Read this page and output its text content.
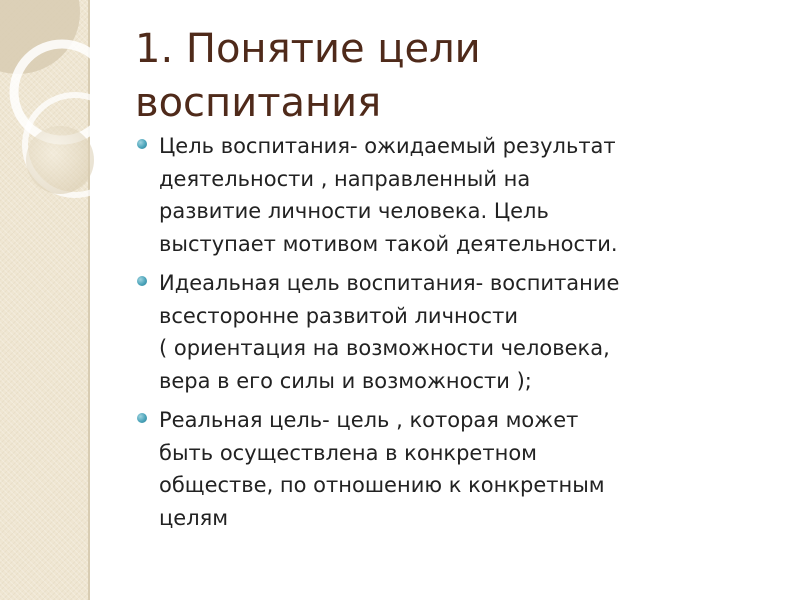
1. Понятие цели
воспитания
Цель воспитания- ожидаемый результат
деятельности , направленный на
развитие личности человека. Цель
выступает мотивом такой деятельности.
Идеальная цель воспитания- воспитание
всесторонне развитой личности
( ориентация на возможности человека,
вера в его силы и возможности );
Реальная цель- цель , которая может
быть осуществлена в конкретном
обществе, по отношению к конкретным
целям
